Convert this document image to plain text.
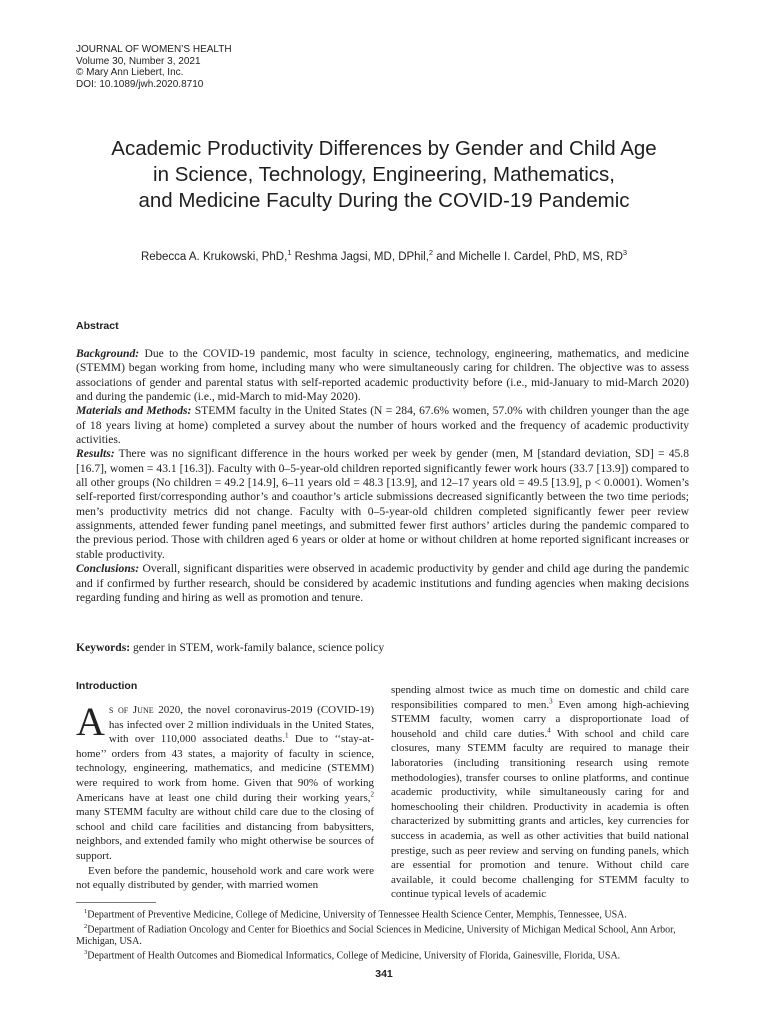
JOURNAL OF WOMEN’S HEALTH
Volume 30, Number 3, 2021
© Mary Ann Liebert, Inc.
DOI: 10.1089/jwh.2020.8710
Academic Productivity Differences by Gender and Child Age
in Science, Technology, Engineering, Mathematics,
and Medicine Faculty During the COVID-19 Pandemic
Rebecca A. Krukowski, PhD,$^1$ Reshma Jagsi, MD, DPhil,$^2$ and Michelle I. Cardel, PhD, MS, $RD^3$
Abstract

Background: Due to the COVID-19 pandemic, most faculty in science, technology, engineering, mathematics, and medicine (STEMM) began working from home, including many who were simultaneously caring for children. The objective was to assess associations of gender and parental status with self-reported academic productivity before (i.e., mid-January to mid-March 2020) and during the pandemic (i.e., mid-March to mid-May 2020).

Materials and Methods: STEMM faculty in the United States (N = 284, 67.6% women, 57.0% with children younger than the age of 18 years living at home) completed a survey about the number of hours worked and the frequency of academic productivity activities.

Results: There was no significant difference in the hours worked per week by gender (men, M [standard deviation, SD] = 45.8 [16.7], women = 43.1 [16.3]). Faculty with 0–5-year-old children reported significantly fewer work hours (33.7 [13.9]) compared to all other groups (No children = 49.2 [14.9], 6–11 years old = 48.3 [13.9], and 12–17 years old = 49.5 [13.9], p < 0.0001). Women’s self-reported first/corresponding author’s and coauthor’s article submissions decreased significantly between the two time periods; men’s productivity metrics did not change. Faculty with 0–5-year-old children completed significantly fewer peer review assignments, attended fewer funding panel meetings, and submitted fewer first authors’ articles during the pandemic compared to the previous period. Those with children aged 6 years or older at home or without children at home reported significant increases or stable productivity.

Conclusions: Overall, significant disparities were observed in academic productivity by gender and child age during the pandemic and if confirmed by further research, should be considered by academic institutions and funding agencies when making decisions regarding funding and hiring as well as promotion and tenure.

Keywords: gender in STEM, work-family balance, science policy

Introduction

As of June 2020, the novel coronavirus-2019 (COVID-19) has infected over 2 million individuals in the United States, with over 110,000 associated deaths.$^1$ Due to ‘‘stay-at-home’’ orders from 43 states, a majority of faculty in science, technology, engineering, mathematics, and medicine (STEMM) were required to work from home. Given that 90% of working Americans have at least one child during their working years,$^2$ many STEMM faculty are without child care due to the closing of school and child care facilities and distancing from babysitters, neighbors, and extended family who might otherwise be sources of support.

Even before the pandemic, household work and care work were not equally distributed by gender, with married women

spending almost twice as much time on domestic and child care responsibilities compared to men.$^3$ Even among high-achieving STEMM faculty, women carry a disproportionate load of household and child care duties.$^4$ With school and child care closures, many STEMM faculty are required to manage their laboratories (including transitioning research using remote methodologies), transfer courses to online platforms, and continue academic productivity, while simultaneously caring for and homeschooling their children. Productivity in academia is often characterized by submitting grants and articles, key currencies for success in academia, as well as other activities that build national prestige, such as peer review and serving on funding panels, which are essential for promotion and tenure. Without child care available, it could become challenging for STEMM faculty to continue typical levels of academic

$^1$Department of Preventive Medicine, College of Medicine, University of Tennessee Health Science Center, Memphis, Tennessee, USA.

$^2$Department of Radiation Oncology and Center for Bioethics and Social Sciences in Medicine, University of Michigan Medical School, Ann Arbor, Michigan, USA.

$^3$Department of Health Outcomes and Biomedical Informatics, College of Medicine, University of Florida, Gainesville, Florida, USA.

341
